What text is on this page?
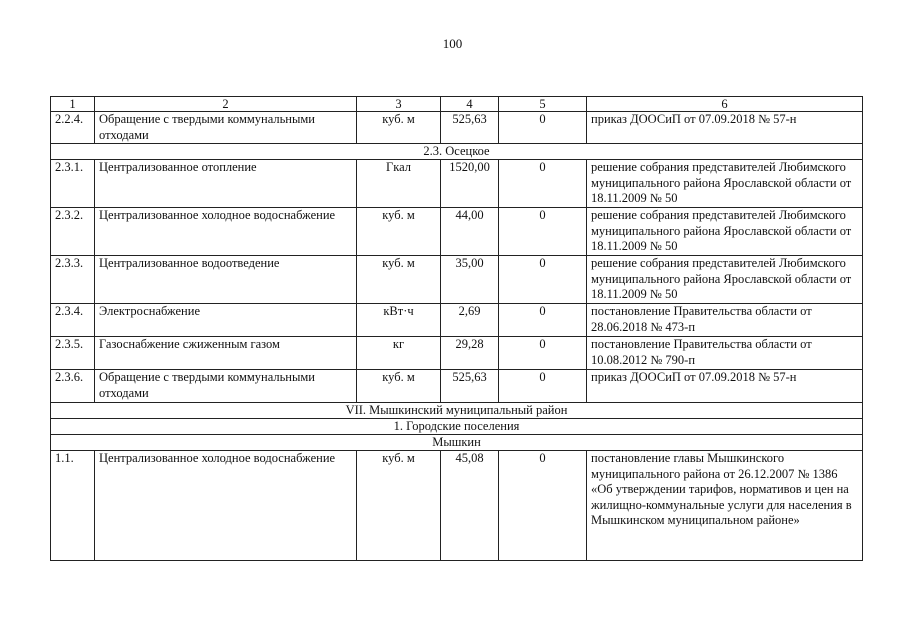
100
1	2	3	4	5	6
2.2.4.	Обращение с твердыми коммунальными отходами	куб. м	525,63	0	приказ ДООСиП от 07.09.2018 № 57-н
2.3. Осецкое					
2.3.1.	Централизованное отопление	Гкал	1520,00	0	решение собрания представителей Любимского муниципального района Ярославской области от 18.11.2009 № 50
2.3.2.	Централизованное холодное водоснабжение	куб. м	44,00	0	решение собрания представителей Любимского муниципального района Ярославской области от 18.11.2009 № 50
2.3.3.	Централизованное водоотведение	куб. м	35,00	0	решение собрания представителей Любимского муниципального района Ярославской области от 18.11.2009 № 50
2.3.4.	Электроснабжение	кВт·ч	2,69	0	постановление Правительства области от 28.06.2018 № 473-п
2.3.5.	Газоснабжение сжиженным газом	кг	29,28	0	постановление Правительства области от 10.08.2012 № 790-п
2.3.6.	Обращение с твердыми коммунальными отходами	куб. м	525,63	0	приказ ДООСиП от 07.09.2018 № 57-н
VII. Мышкинский муниципальный район					
1. Городские поселения					
Мышкин					
1.1.	Централизованное холодное водоснабжение	куб. м	45,08	0	постановление главы Мышкинского муниципального района от 26.12.2007 № 1386 «Об утверждении тарифов, нормативов и цен на жилищно-коммунальные услуги для населения в Мышкинском муниципальном районе»
